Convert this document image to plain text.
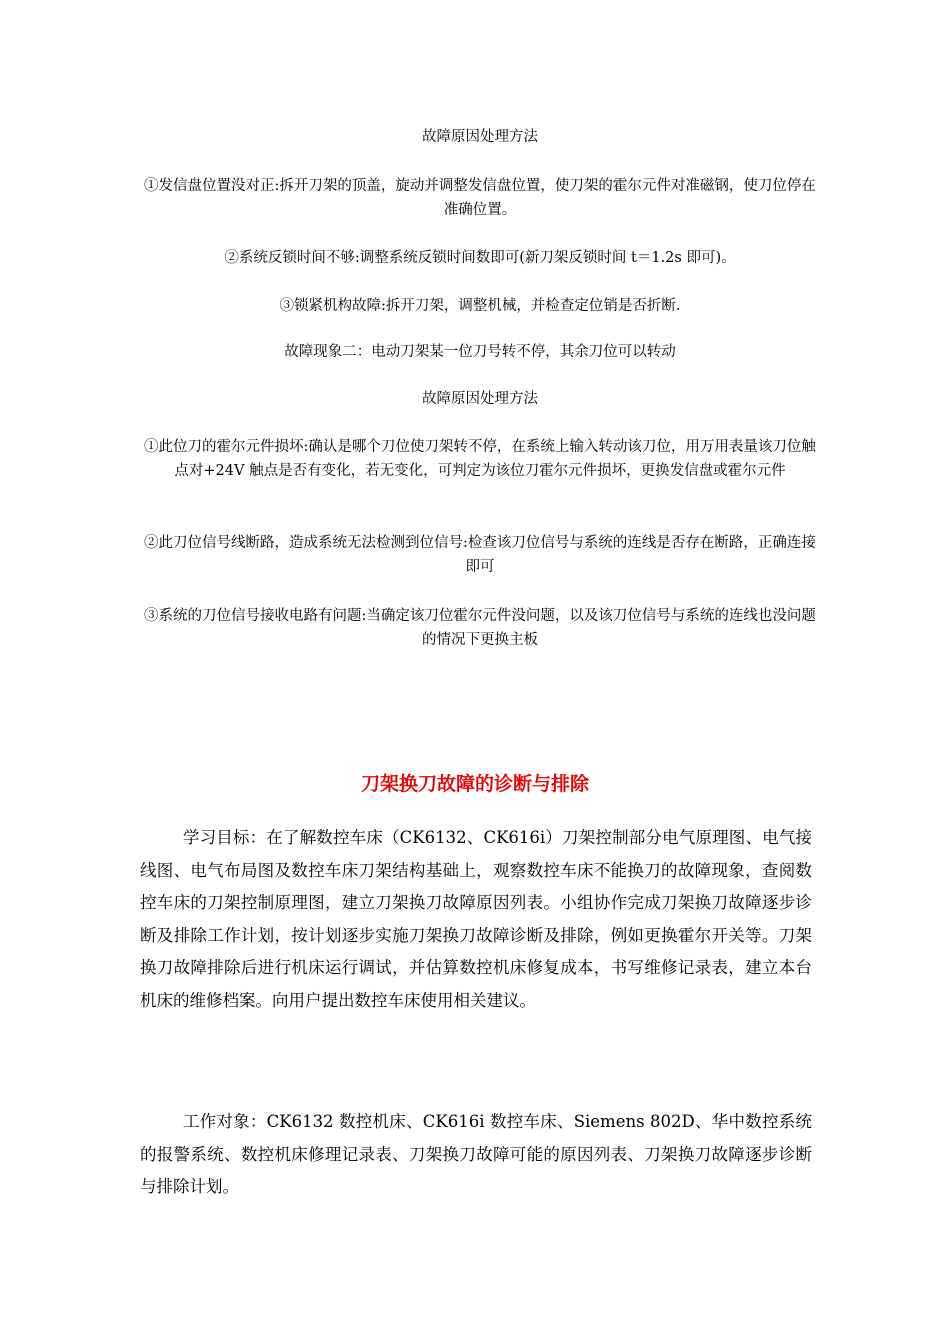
故障原因处理方法

①发信盘位置没对正:拆开刀架的顶盖，旋动并调整发信盘位置，使刀架的霍尔元件对准磁钢，使刀位停在准确位置。

②系统反锁时间不够:调整系统反锁时间数即可(新刀架反锁时间 t＝1.2s 即可)。

③锁紧机构故障:拆开刀架，调整机械，并检查定位销是否折断.

故障现象二：电动刀架某一位刀号转不停，其余刀位可以转动

故障原因处理方法

①此位刀的霍尔元件损坏:确认是哪个刀位使刀架转不停，在系统上输入转动该刀位，用万用表量该刀位触点对+24V 触点是否有变化，若无变化，可判定为该位刀霍尔元件损坏，更换发信盘或霍尔元件

②此刀位信号线断路，造成系统无法检测到位信号:检查该刀位信号与系统的连线是否存在断路，正确连接即可

③系统的刀位信号接收电路有问题:当确定该刀位霍尔元件没问题，以及该刀位信号与系统的连线也没问题的情况下更换主板

刀架换刀故障的诊断与排除

学习目标：在了解数控车床（CK6132、CK616i）刀架控制部分电气原理图、电气接线图、电气布局图及数控车床刀架结构基础上，观察数控车床不能换刀的故障现象，查阅数控车床的刀架控制原理图，建立刀架换刀故障原因列表。小组协作完成刀架换刀故障逐步诊断及排除工作计划，按计划逐步实施刀架换刀故障诊断及排除，例如更换霍尔开关等。刀架换刀故障排除后进行机床运行调试，并估算数控机床修复成本，书写维修记录表，建立本台机床的维修档案。向用户提出数控车床使用相关建议。

工作对象：CK6132 数控机床、CK616i 数控车床、Siemens 802D、华中数控系统的报警系统、数控机床修理记录表、刀架换刀故障可能的原因列表、刀架换刀故障逐步诊断与排除计划。
